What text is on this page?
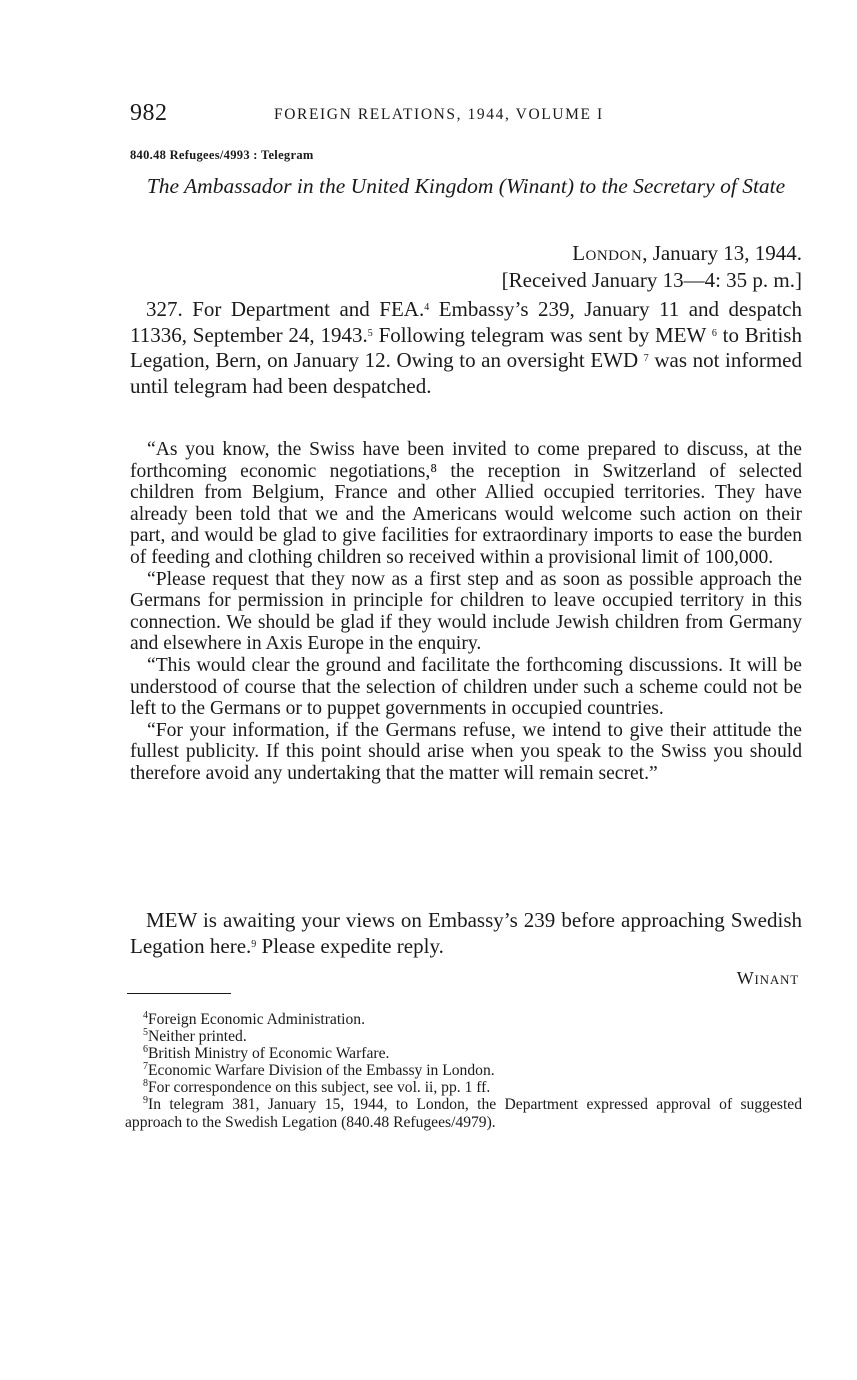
982	FOREIGN RELATIONS, 1944, VOLUME I
840.48 Refugees/4993 : Telegram
The Ambassador in the United Kingdom (Winant) to the Secretary of State
London, January 13, 1944.
[Received January 13—4: 35 p. m.]
327. For Department and FEA.$^4$ Embassy’s 239, January 11 and despatch 11336, September 24, 1943.$^5$ Following telegram was sent by MEW $^6$ to British Legation, Bern, on January 12. Owing to an oversight EWD $^7$ was not informed until telegram had been despatched.

“As you know, the Swiss have been invited to come prepared to discuss, at the forthcoming economic negotiations,⁸ the reception in Switzerland of selected children from Belgium, France and other Allied occupied territories. They have already been told that we and the Americans would welcome such action on their part, and would be glad to give facilities for extraordinary imports to ease the burden of feeding and clothing children so received within a provisional limit of 100,000.

“Please request that they now as a first step and as soon as possible approach the Germans for permission in principle for children to leave occupied territory in this connection. We should be glad if they would include Jewish children from Germany and elsewhere in Axis Europe in the enquiry.

“This would clear the ground and facilitate the forthcoming discussions. It will be understood of course that the selection of children under such a scheme could not be left to the Germans or to puppet governments in occupied countries.

“For your information, if the Germans refuse, we intend to give their attitude the fullest publicity. If this point should arise when you speak to the Swiss you should therefore avoid any undertaking that the matter will remain secret.”

MEW is awaiting your views on Embassy’s 239 before approaching Swedish Legation here.$^9$ Please expedite reply.
Winant

$^4$Foreign Economic Administration.

$^5$Neither printed.

$^6$British Ministry of Economic Warfare.

$^7$Economic Warfare Division of the Embassy in London.

$^8$For correspondence on this subject, see vol. ii, pp. 1 ff.

$^9$In telegram 381, January 15, 1944, to London, the Department expressed approval of suggested approach to the Swedish Legation (840.48 Refugees/4979).
